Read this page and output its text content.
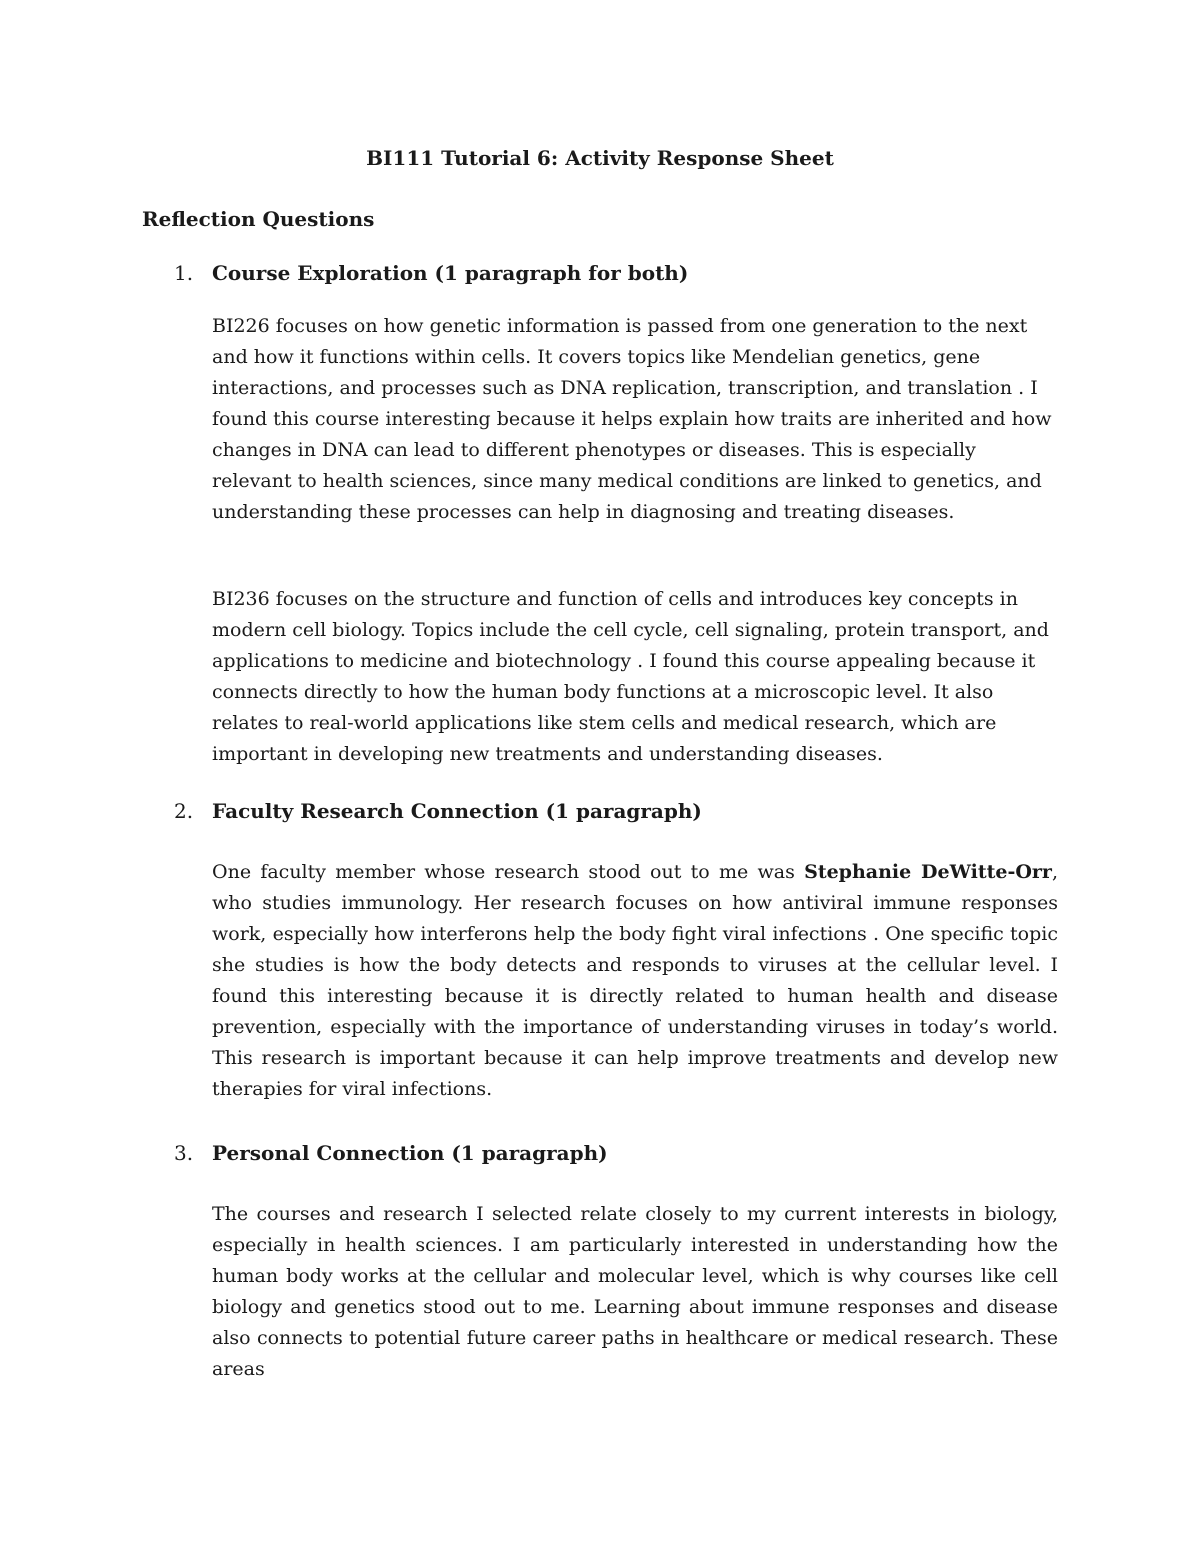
BI111 Tutorial 6: Activity Response Sheet
Reflection Questions
1. Course Exploration (1 paragraph for both)

BI226 focuses on how genetic information is passed from one generation to the next and how it functions within cells. It covers topics like Mendelian genetics, gene interactions, and processes such as DNA replication, transcription, and translation . I found this course interesting because it helps explain how traits are inherited and how changes in DNA can lead to different phenotypes or diseases. This is especially relevant to health sciences, since many medical conditions are linked to genetics, and understanding these processes can help in diagnosing and treating diseases.

BI236 focuses on the structure and function of cells and introduces key concepts in modern cell biology. Topics include the cell cycle, cell signaling, protein transport, and applications to medicine and biotechnology . I found this course appealing because it connects directly to how the human body functions at a microscopic level. It also relates to real-world applications like stem cells and medical research, which are important in developing new treatments and understanding diseases.

2. Faculty Research Connection (1 paragraph)

One faculty member whose research stood out to me was Stephanie DeWitte-Orr, who studies immunology. Her research focuses on how antiviral immune responses work, especially how interferons help the body fight viral infections . One specific topic she studies is how the body detects and responds to viruses at the cellular level. I found this interesting because it is directly related to human health and disease prevention, especially with the importance of understanding viruses in today’s world. This research is important because it can help improve treatments and develop new therapies for viral infections.

3. Personal Connection (1 paragraph)

The courses and research I selected relate closely to my current interests in biology, especially in health sciences. I am particularly interested in understanding how the human body works at the cellular and molecular level, which is why courses like cell biology and genetics stood out to me. Learning about immune responses and disease also connects to potential future career paths in healthcare or medical research. These areas
